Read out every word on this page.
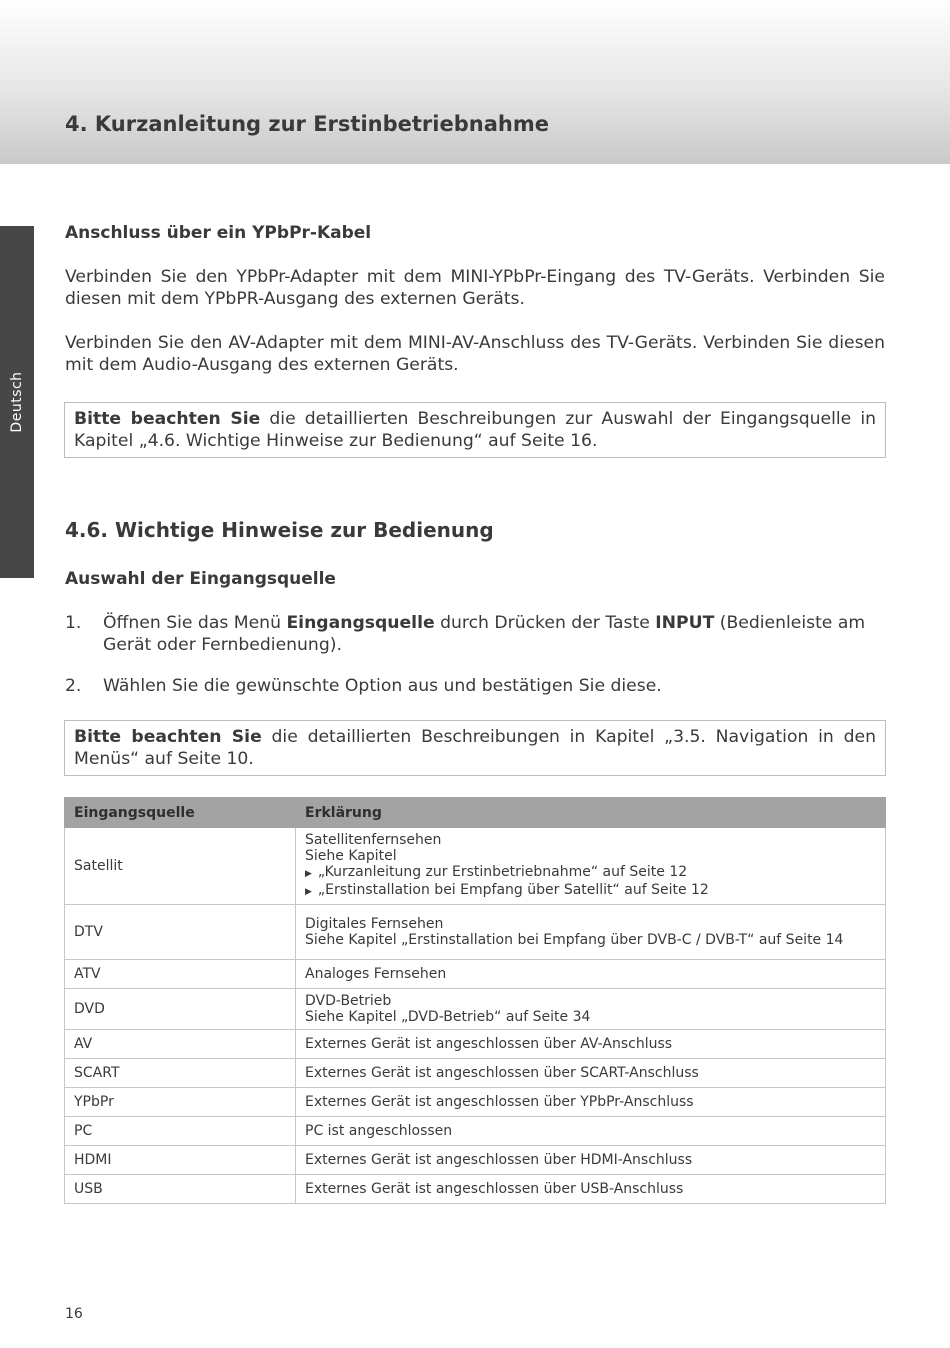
4. Kurzanleitung zur Erstinbetriebnahme
Deutsch
Anschluss über ein YPbPr-Kabel

Verbinden Sie den YPbPr-Adapter mit dem MINI-YPbPr-Eingang des TV-Geräts. Verbinden Sie diesen mit dem YPbPR-Ausgang des externen Geräts.

Verbinden Sie den AV-Adapter mit dem MINI-AV-Anschluss des TV-Geräts. Verbinden Sie diesen mit dem Audio-Ausgang des externen Geräts.

Bitte beachten Sie die detaillierten Beschreibungen zur Auswahl der Eingangsquelle in Kapitel „4.6. Wichtige Hinweise zur Bedienung“ auf Seite 16.
4.6. Wichtige Hinweise zur Bedienung
Auswahl der Eingangsquelle
1. Öffnen Sie das Menü Eingangsquelle durch Drücken der Taste INPUT (Bedienleiste am Gerät oder Fernbedienung).
2. Wählen Sie die gewünschte Option aus und bestätigen Sie diese.
Bitte beachten Sie die detaillierten Beschreibungen in Kapitel „3.5. Navigation in den Menüs“ auf Seite 10.
Eingangsquelle	Erklärung
Satellit	Satellitenfernsehen
Siehe Kapitel
▶ „Kurzanleitung zur Erstinbetriebnahme“ auf Seite 12
▶ „Erstinstallation bei Empfang über Satellit“ auf Seite 12

DTV	Digitales Fernsehen
Siehe Kapitel „Erstinstallation bei Empfang über DVB-C / DVB-T“ auf Seite 14

ATV	Analoges Fernsehen
DVD	DVD-Betrieb
Siehe Kapitel „DVD-Betrieb“ auf Seite 34

AV	Externes Gerät ist angeschlossen über AV-Anschluss
SCART	Externes Gerät ist angeschlossen über SCART-Anschluss
YPbPr	Externes Gerät ist angeschlossen über YPbPr-Anschluss
PC	PC ist angeschlossen
HDMI	Externes Gerät ist angeschlossen über HDMI-Anschluss
USB	Externes Gerät ist angeschlossen über USB-Anschluss
16
